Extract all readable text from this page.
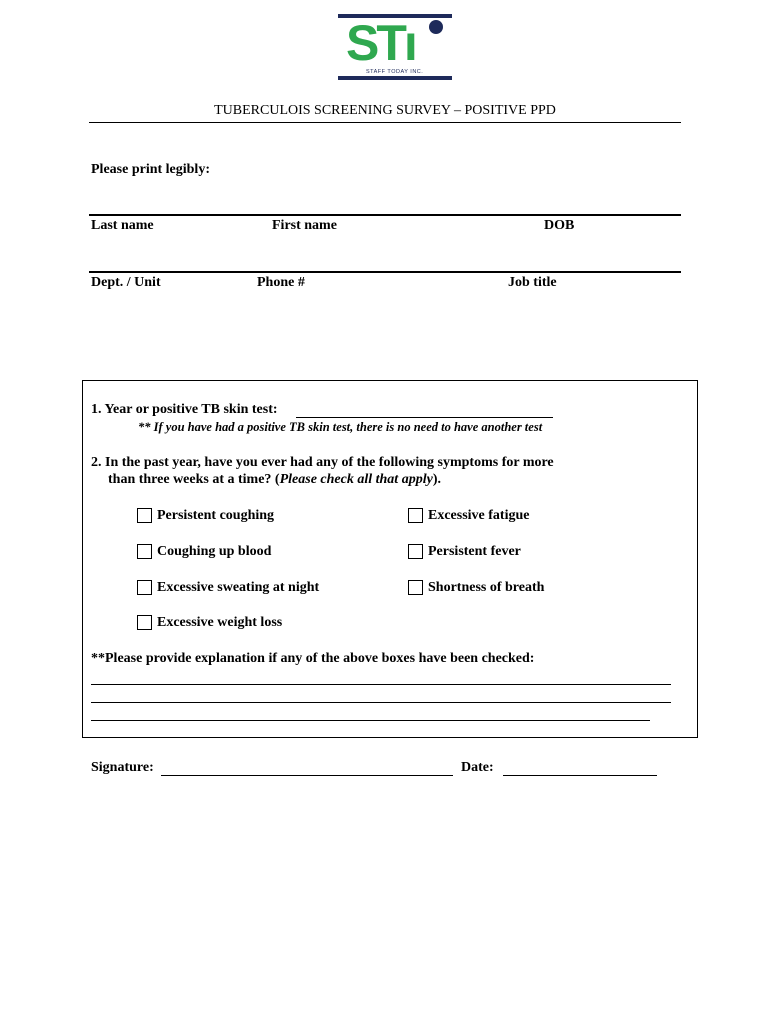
STı
STAFF TODAY INC.
TUBERCULOIS SCREENING SURVEY – POSITIVE PPD
Please print legibly:
Last name	First name	DOB
Dept. / Unit	Phone #	Job title
1. Year or positive TB skin test:
** If you have had a positive TB skin test, there is no need to have another test
2. In the past year, have you ever had any of the following symptoms for more
than three weeks at a time? (Please check all that apply).
Persistent coughing	Excessive fatigue
Coughing up blood	Persistent fever
Excessive sweating at night	Shortness of breath
Excessive weight loss
**Please provide explanation if any of the above boxes have been checked:
Signature:	Date:
